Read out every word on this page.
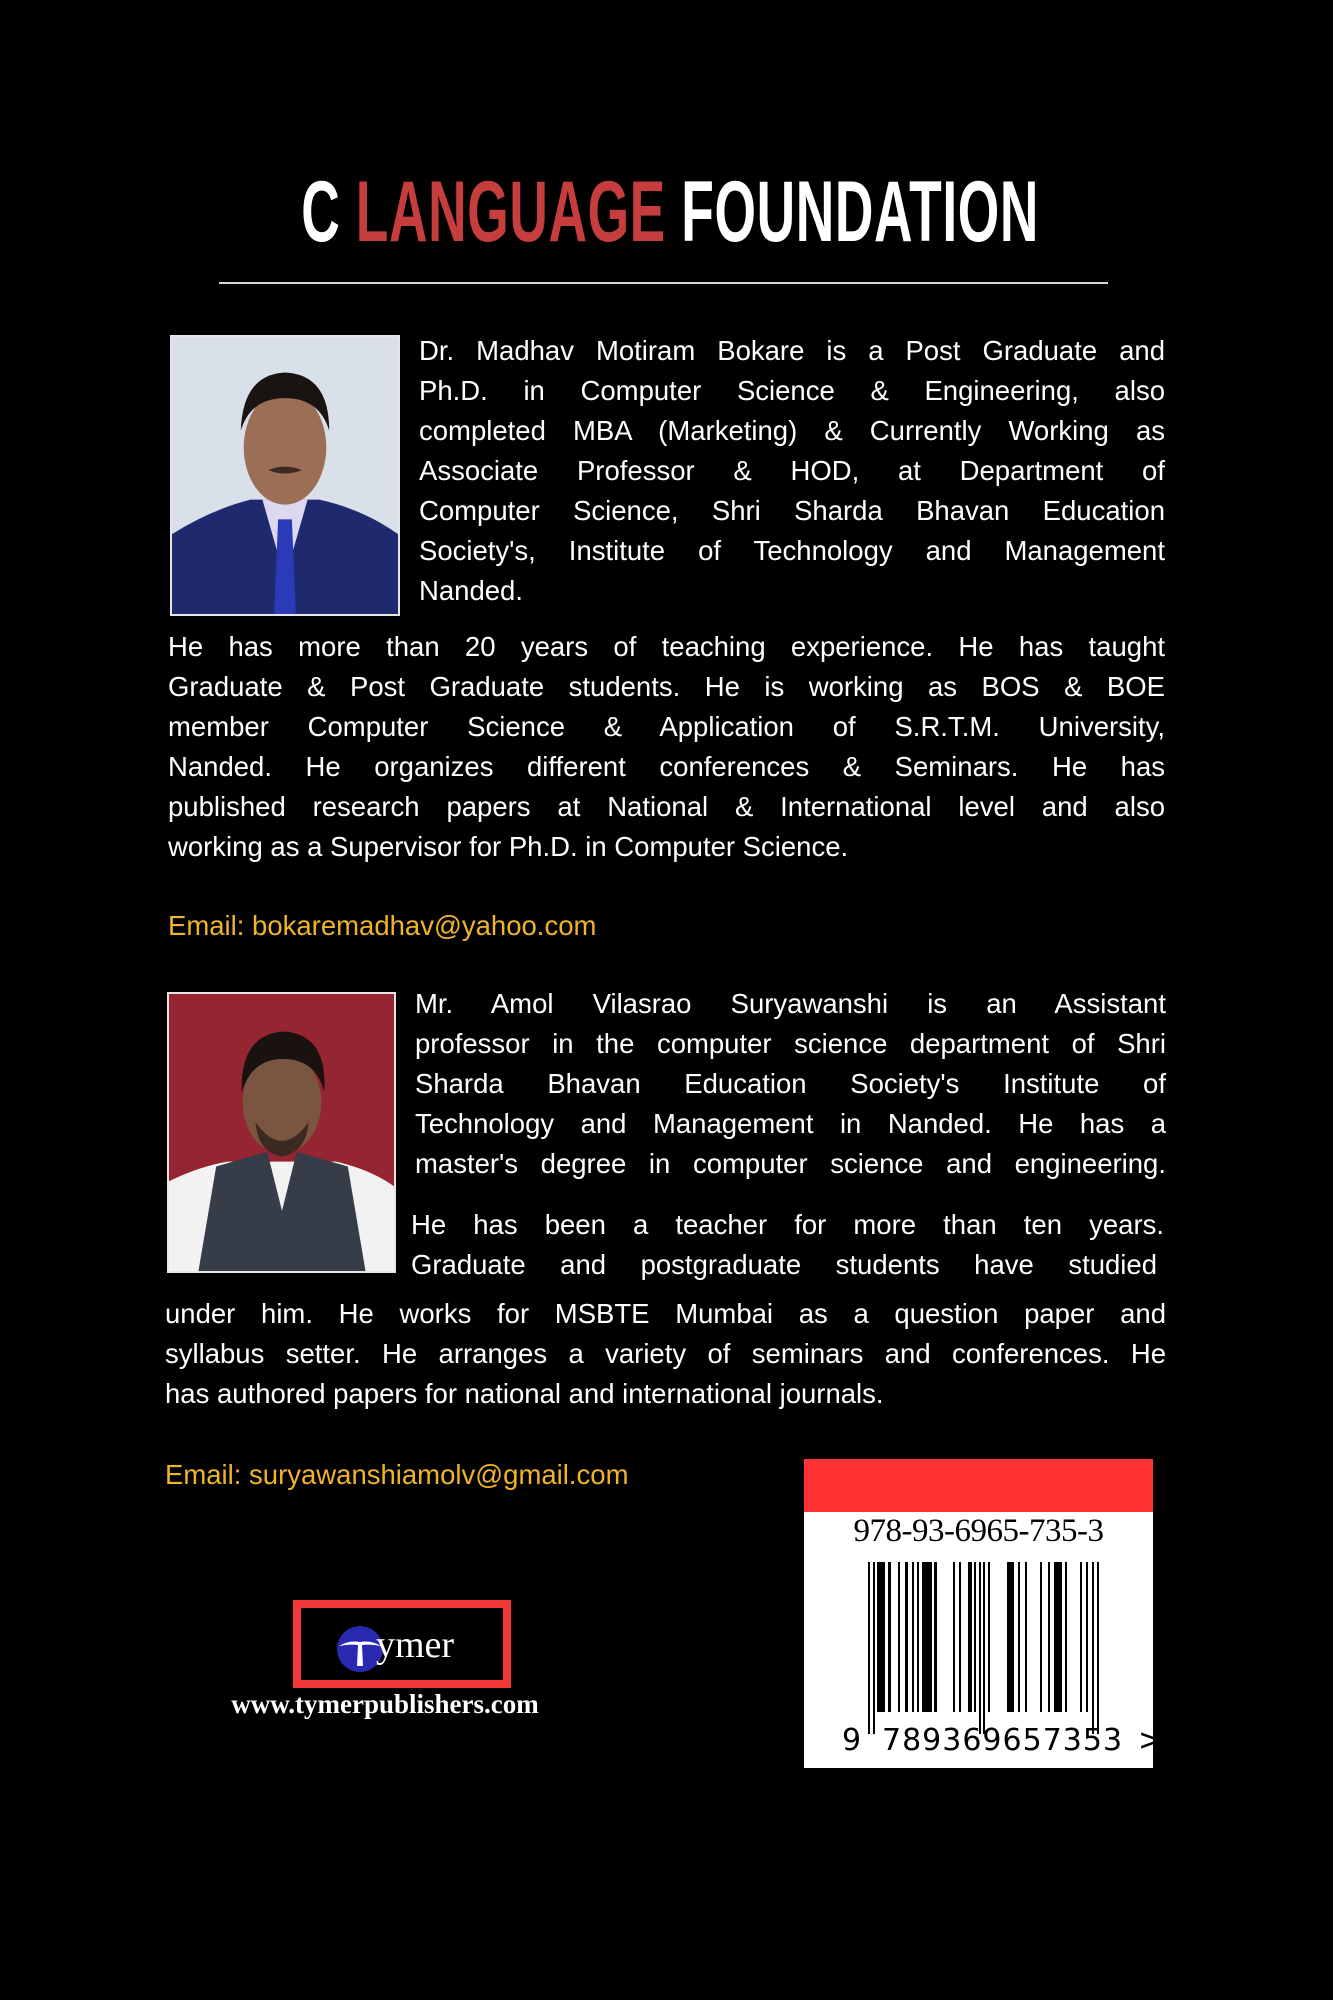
C LANGUAGE FOUNDATION
Dr. Madhav Motiram Bokare is a Post Graduate and
Ph.D. in Computer Science & Engineering, also
completed MBA (Marketing) & Currently Working as
Associate Professor & HOD, at Department of
Computer Science, Shri Sharda Bhavan Education
Society's, Institute of Technology and Management
Nanded.
He has more than 20 years of teaching experience. He has taught
Graduate & Post Graduate students. He is working as BOS & BOE
member Computer Science & Application of S.R.T.M. University,
Nanded. He organizes different conferences & Seminars. He has
published research papers at National & International level and also
working as a Supervisor for Ph.D. in Computer Science.
Email: bokaremadhav@yahoo.com
Mr. Amol Vilasrao Suryawanshi is an Assistant
professor in the computer science department of Shri
Sharda Bhavan Education Society's Institute of
Technology and Management in Nanded. He has a
master's degree in computer science and engineering.
He has been a teacher for more than ten years.
Graduate and postgraduate students have studied
under him. He works for MSBTE Mumbai as a question paper and
syllabus setter. He arranges a variety of seminars and conferences. He
has authored papers for national and international journals.
Email: suryawanshiamolv@gmail.com
ymer
www.tymerpublishers.com
978-93-6965-735-3
9 789369657353 >
